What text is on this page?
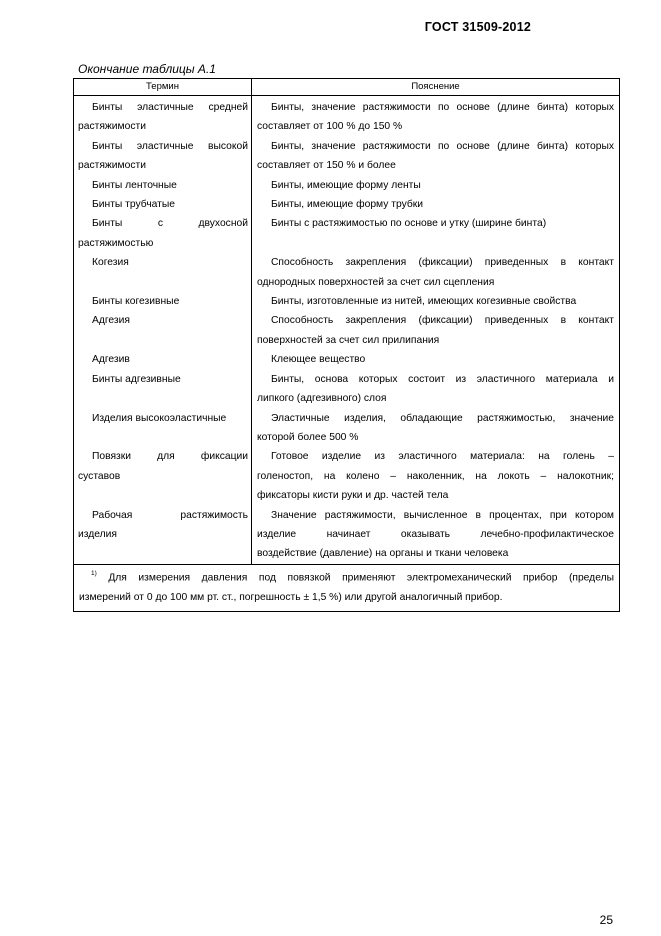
ГОСТ 31509-2012
Окончание таблицы А.1
Термин	Пояснение
Бинты эластичные средней
растяжимости
Бинты эластичные высокой
растяжимости
Бинты ленточные
Бинты трубчатые
Бинты с двухосной
растяжимостью
Когезия

Бинты когезивные
Адгезия

Адгезив
Бинты адгезивные

Изделия высокоэластичные

Повязки для фиксации
суставов

Рабочая растяжимость
изделия

Бинты, значение растяжимости по основе (длине бинта) которых
составляет от 100 % до 150 %
Бинты, значение растяжимости по основе (длине бинта) которых
составляет от 150 % и более
Бинты, имеющие форму ленты
Бинты, имеющие форму трубки
Бинты с растяжимостью по основе и утку (ширине бинта)

Способность закрепления (фиксации) приведенных в контакт
однородных поверхностей за счет сил сцепления
Бинты, изготовленные из нитей, имеющих когезивные свойства
Способность закрепления (фиксации) приведенных в контакт
поверхностей за счет сил прилипания
Клеющее вещество
Бинты, основа которых состоит из эластичного материала и
липкого (адгезивного) слоя
Эластичные изделия, обладающие растяжимостью, значение
которой более 500 %
Готовое изделие из эластичного материала: на голень –
голеностоп, на колено – наколенник, на локоть – налокотник;
фиксаторы кисти руки и др. частей тела
Значение растяжимости, вычисленное в процентах, при котором
изделие начинает оказывать лечебно-профилактическое
воздействие (давление) на органы и ткани человека
$^{1)}$ Для измерения давления под повязкой применяют электромеханический прибор (пределы
измерений от 0 до 100 мм рт. ст., погрешность ± 1,5 %) или другой аналогичный прибор.
25
